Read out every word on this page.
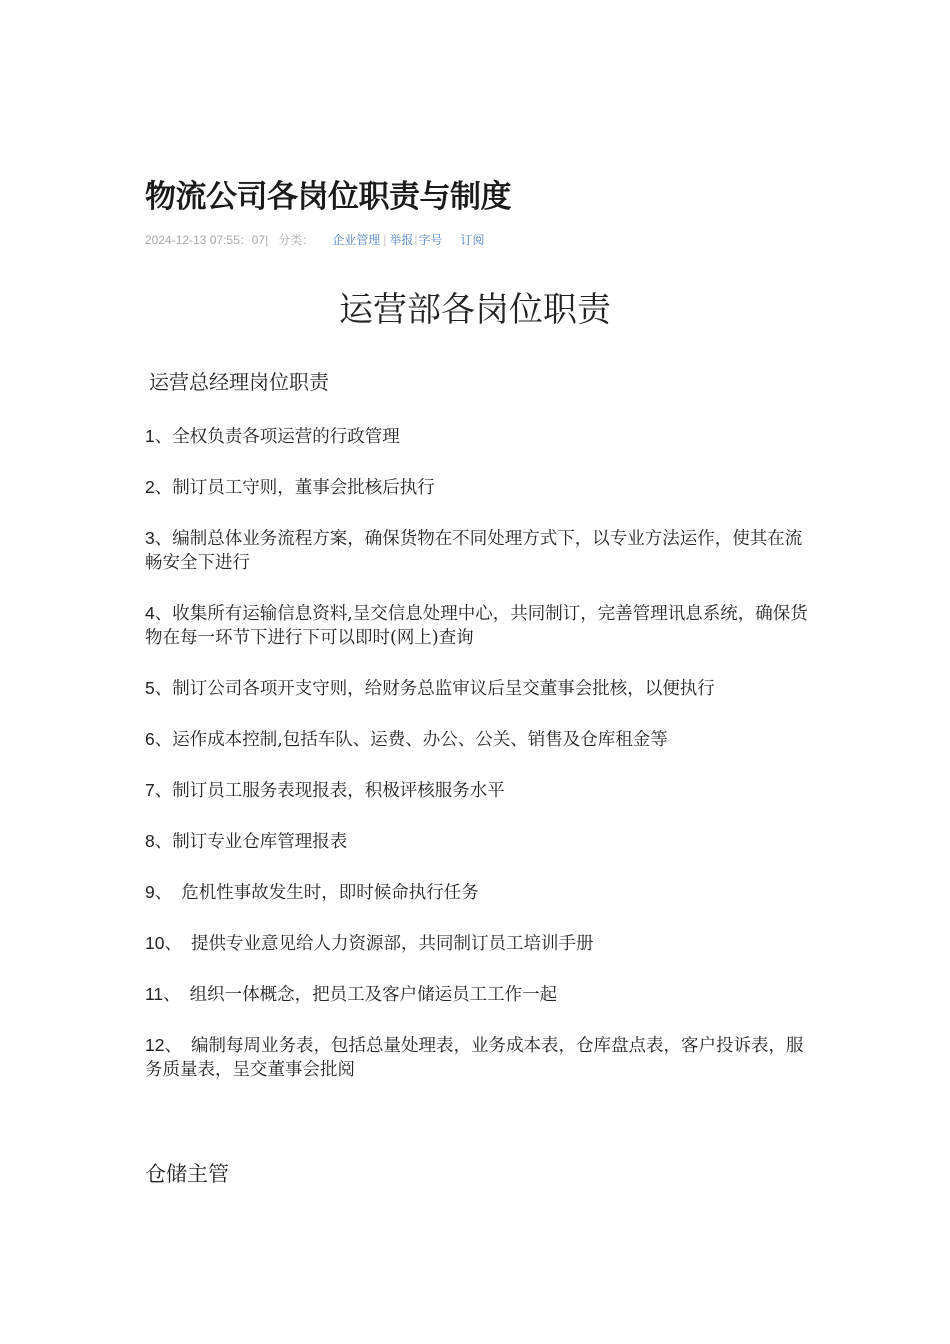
物流公司各岗位职责与制度
2024-12-13 07:55：07| 分类： 企业管理 | 举报|字号 订阅
运营部各岗位职责
运营总经理岗位职责
1、全权负责各项运营的行政管理
2、制订员工守则，董事会批核后执行
3、编制总体业务流程方案，确保货物在不同处理方式下，以专业方法运作，使其在流畅安全下进行
4、收集所有运输信息资料,呈交信息处理中心，共同制订，完善管理讯息系统，确保货物在每一环节下进行下可以即时(网上)查询
5、制订公司各项开支守则，给财务总监审议后呈交董事会批核，以便执行
6、运作成本控制,包括车队、运费、办公、公关、销售及仓库租金等
7、制订员工服务表现报表，积极评核服务水平
8、制订专业仓库管理报表
9、 危机性事故发生时，即时候命执行任务
10、 提供专业意见给人力资源部，共同制订员工培训手册
11、 组织一体概念，把员工及客户储运员工工作一起
12、 编制每周业务表，包括总量处理表，业务成本表，仓库盘点表，客户投诉表，服务质量表，呈交董事会批阅
仓储主管
